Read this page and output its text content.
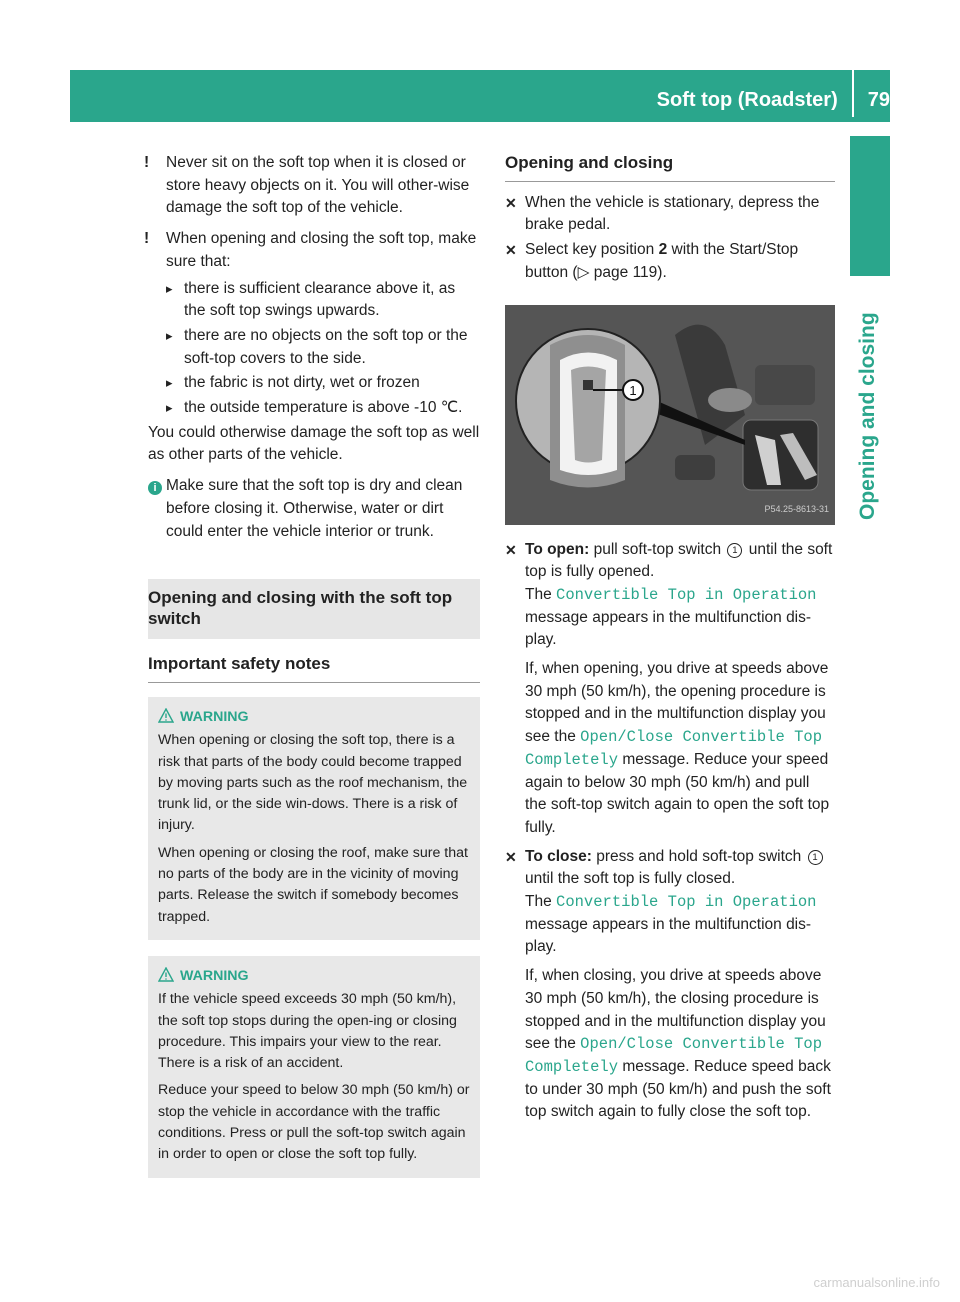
Soft top (Roadster) 79
Opening and closing

! Never sit on the soft top when it is closed or store heavy objects on it. You will other-wise damage the soft top of the vehicle.

! When opening and closing the soft top, make sure that:

▸ there is sufficient clearance above it, as the soft top swings upwards.
▸ there are no objects on the soft top or the soft-top covers to the side.
▸ the fabric is not dirty, wet or frozen
▸ the outside temperature is above -10 ℃.

You could otherwise damage the soft top as well as other parts of the vehicle.

i Make sure that the soft top is dry and clean before closing it. Otherwise, water or dirt could enter the vehicle interior or trunk.

Opening and closing with the soft top switch
Important safety notes
WARNING

When opening or closing the soft top, there is a risk that parts of the body could become trapped by moving parts such as the roof mechanism, the trunk lid, or the side win-dows. There is a risk of injury.

When opening or closing the roof, make sure that no parts of the body are in the vicinity of moving parts. Release the switch if somebody becomes trapped.

WARNING

If the vehicle speed exceeds 30 mph (50 km/h), the soft top stops during the open-ing or closing procedure. This impairs your view to the rear. There is a risk of an accident.

Reduce your speed to below 30 mph (50 km/h) or stop the vehicle in accordance with the traffic conditions. Press or pull the soft-top switch again in order to open or close the soft top fully.

Opening and closing
✕ When the vehicle is stationary, depress the brake pedal.
✕ Select key position 2 with the Start/Stop button (▷ page 119).
1
P54.25-8613-31
✕ To open: pull soft-top switch 1 until the soft top is fully opened.
The Convertible Top in Operation message appears in the multifunction dis-play.

If, when opening, you drive at speeds above 30 mph (50 km/h), the opening procedure is stopped and in the multifunction display you see the Open/Close Convertible Top Completely message. Reduce your speed again to below 30 mph (50 km/h) and pull the soft-top switch again to open the soft top fully.

✕ To close: press and hold soft-top switch 1 until the soft top is fully closed.
The Convertible Top in Operation message appears in the multifunction dis-play.

If, when closing, you drive at speeds above 30 mph (50 km/h), the closing procedure is stopped and in the multifunction display you see the Open/Close Convertible Top Completely message. Reduce speed back to under 30 mph (50 km/h) and push the soft top switch again to fully close the soft top.

carmanualsonline.info
